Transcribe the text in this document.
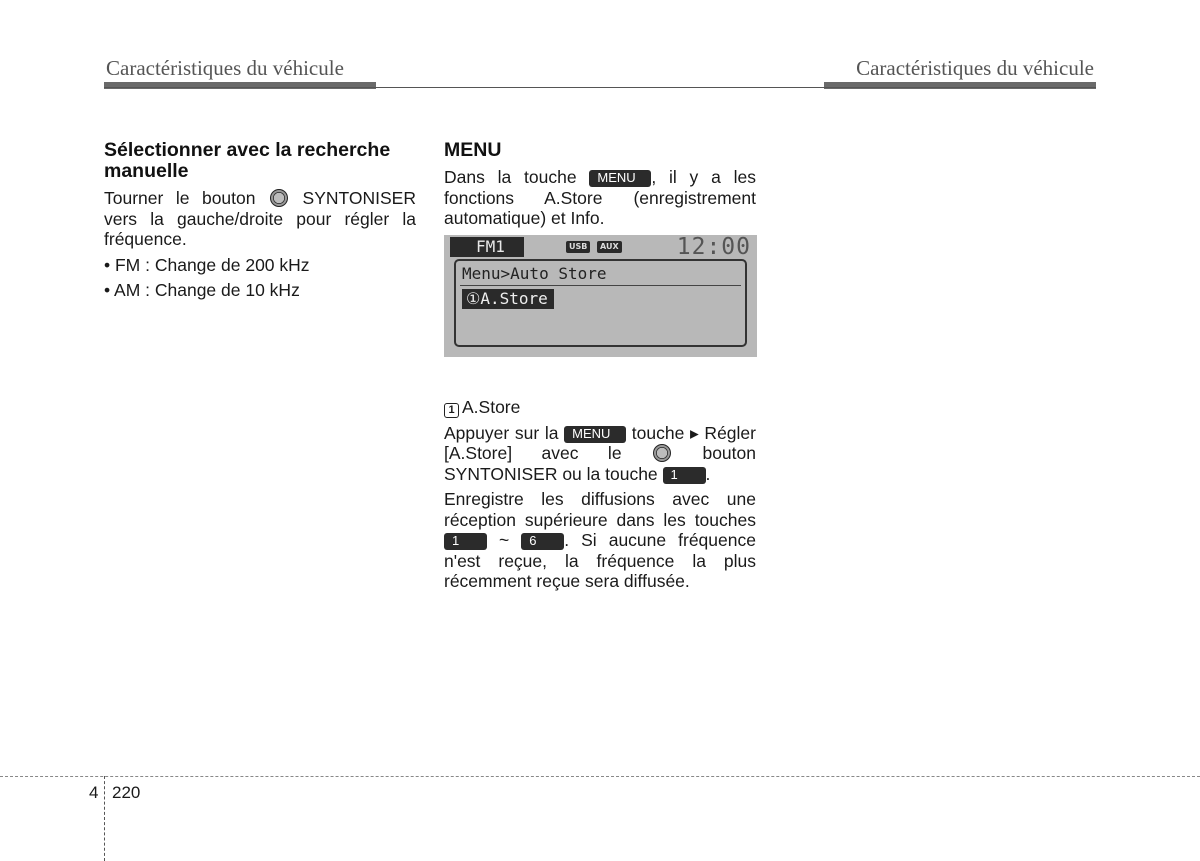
Caractéristiques du véhicule	Caractéristiques du véhicule
Sélectionner avec la recherche manuelle

Tourner le bouton	SYNTONISER vers la gauche/droite pour régler la fréquence.

• FM : Change de 200 kHz
• AM : Change de 10 kHz
MENU

Dans la touche MENU , il y a les fonctions A.Store (enregistrement automatique) et Info.

FM1	USB	AUX	12:00
Menu>Auto Store
①A.Store
1 A.Store

Appuyer sur la MENU touche ▸ Régler [A.Store] avec le	bouton SYNTONISER ou la touche 1 .

Enregistre les diffusions avec une réception supérieure dans les touches 1 ~ 6 . Si aucune fréquence n'est reçue, la fréquence la plus récemment reçue sera diffusée.

4 220
